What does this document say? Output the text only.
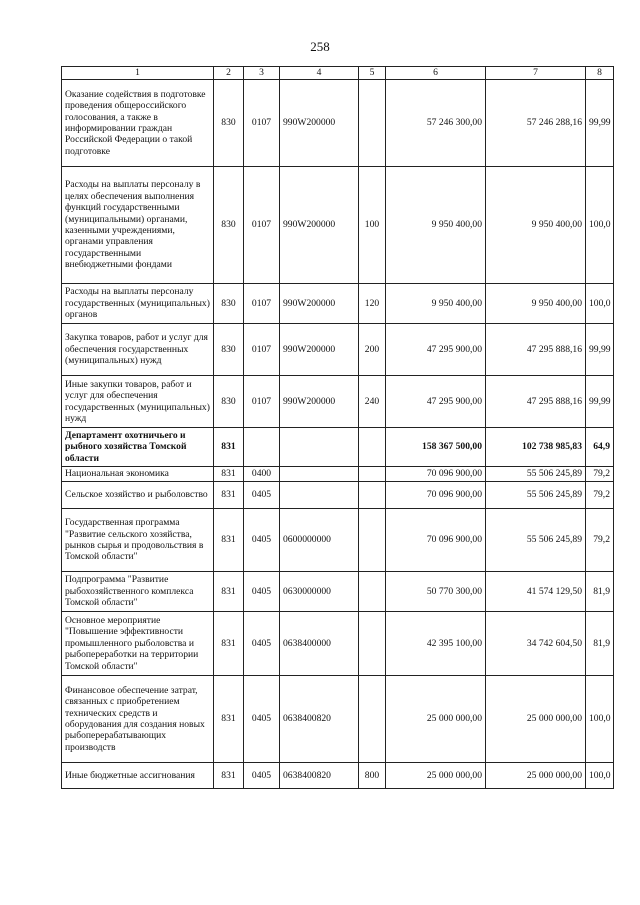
258
1	2	3	4	5	6	7	8
Оказание содействия в подготовке проведения общероссийского голосования, а также в информировании граждан Российской Федерации о такой подготовке	830	0107	990W200000		57 246 300,00	57 246 288,16	99,99
Расходы на выплаты персоналу в целях обеспечения выполнения функций государственными (муниципальными) органами, казенными учреждениями, органами управления государственными внебюджетными фондами	830	0107	990W200000	100	9 950 400,00	9 950 400,00	100,0
Расходы на выплаты персоналу государственных (муниципальных) органов	830	0107	990W200000	120	9 950 400,00	9 950 400,00	100,0
Закупка товаров, работ и услуг для обеспечения государственных (муниципальных) нужд	830	0107	990W200000	200	47 295 900,00	47 295 888,16	99,99
Иные закупки товаров, работ и услуг для обеспечения государственных (муниципальных) нужд	830	0107	990W200000	240	47 295 900,00	47 295 888,16	99,99
Департамент охотничьего и рыбного хозяйства Томской области	831				158 367 500,00	102 738 985,83	64,9
Национальная экономика	831	0400			70 096 900,00	55 506 245,89	79,2
Сельское хозяйство и рыболовство	831	0405			70 096 900,00	55 506 245,89	79,2
Государственная программа "Развитие сельского хозяйства, рынков сырья и продовольствия в Томской области"	831	0405	0600000000		70 096 900,00	55 506 245,89	79,2
Подпрограмма "Развитие рыбохозяйственного комплекса Томской области"	831	0405	0630000000		50 770 300,00	41 574 129,50	81,9
Основное мероприятие "Повышение эффективности промышленного рыболовства и рыбопереработки на территории Томской области"	831	0405	0638400000		42 395 100,00	34 742 604,50	81,9
Финансовое обеспечение затрат, связанных с приобретением технических средств и оборудования для создания новых рыбоперерабатывающих производств	831	0405	0638400820		25 000 000,00	25 000 000,00	100,0
Иные бюджетные ассигнования	831	0405	0638400820	800	25 000 000,00	25 000 000,00	100,0
